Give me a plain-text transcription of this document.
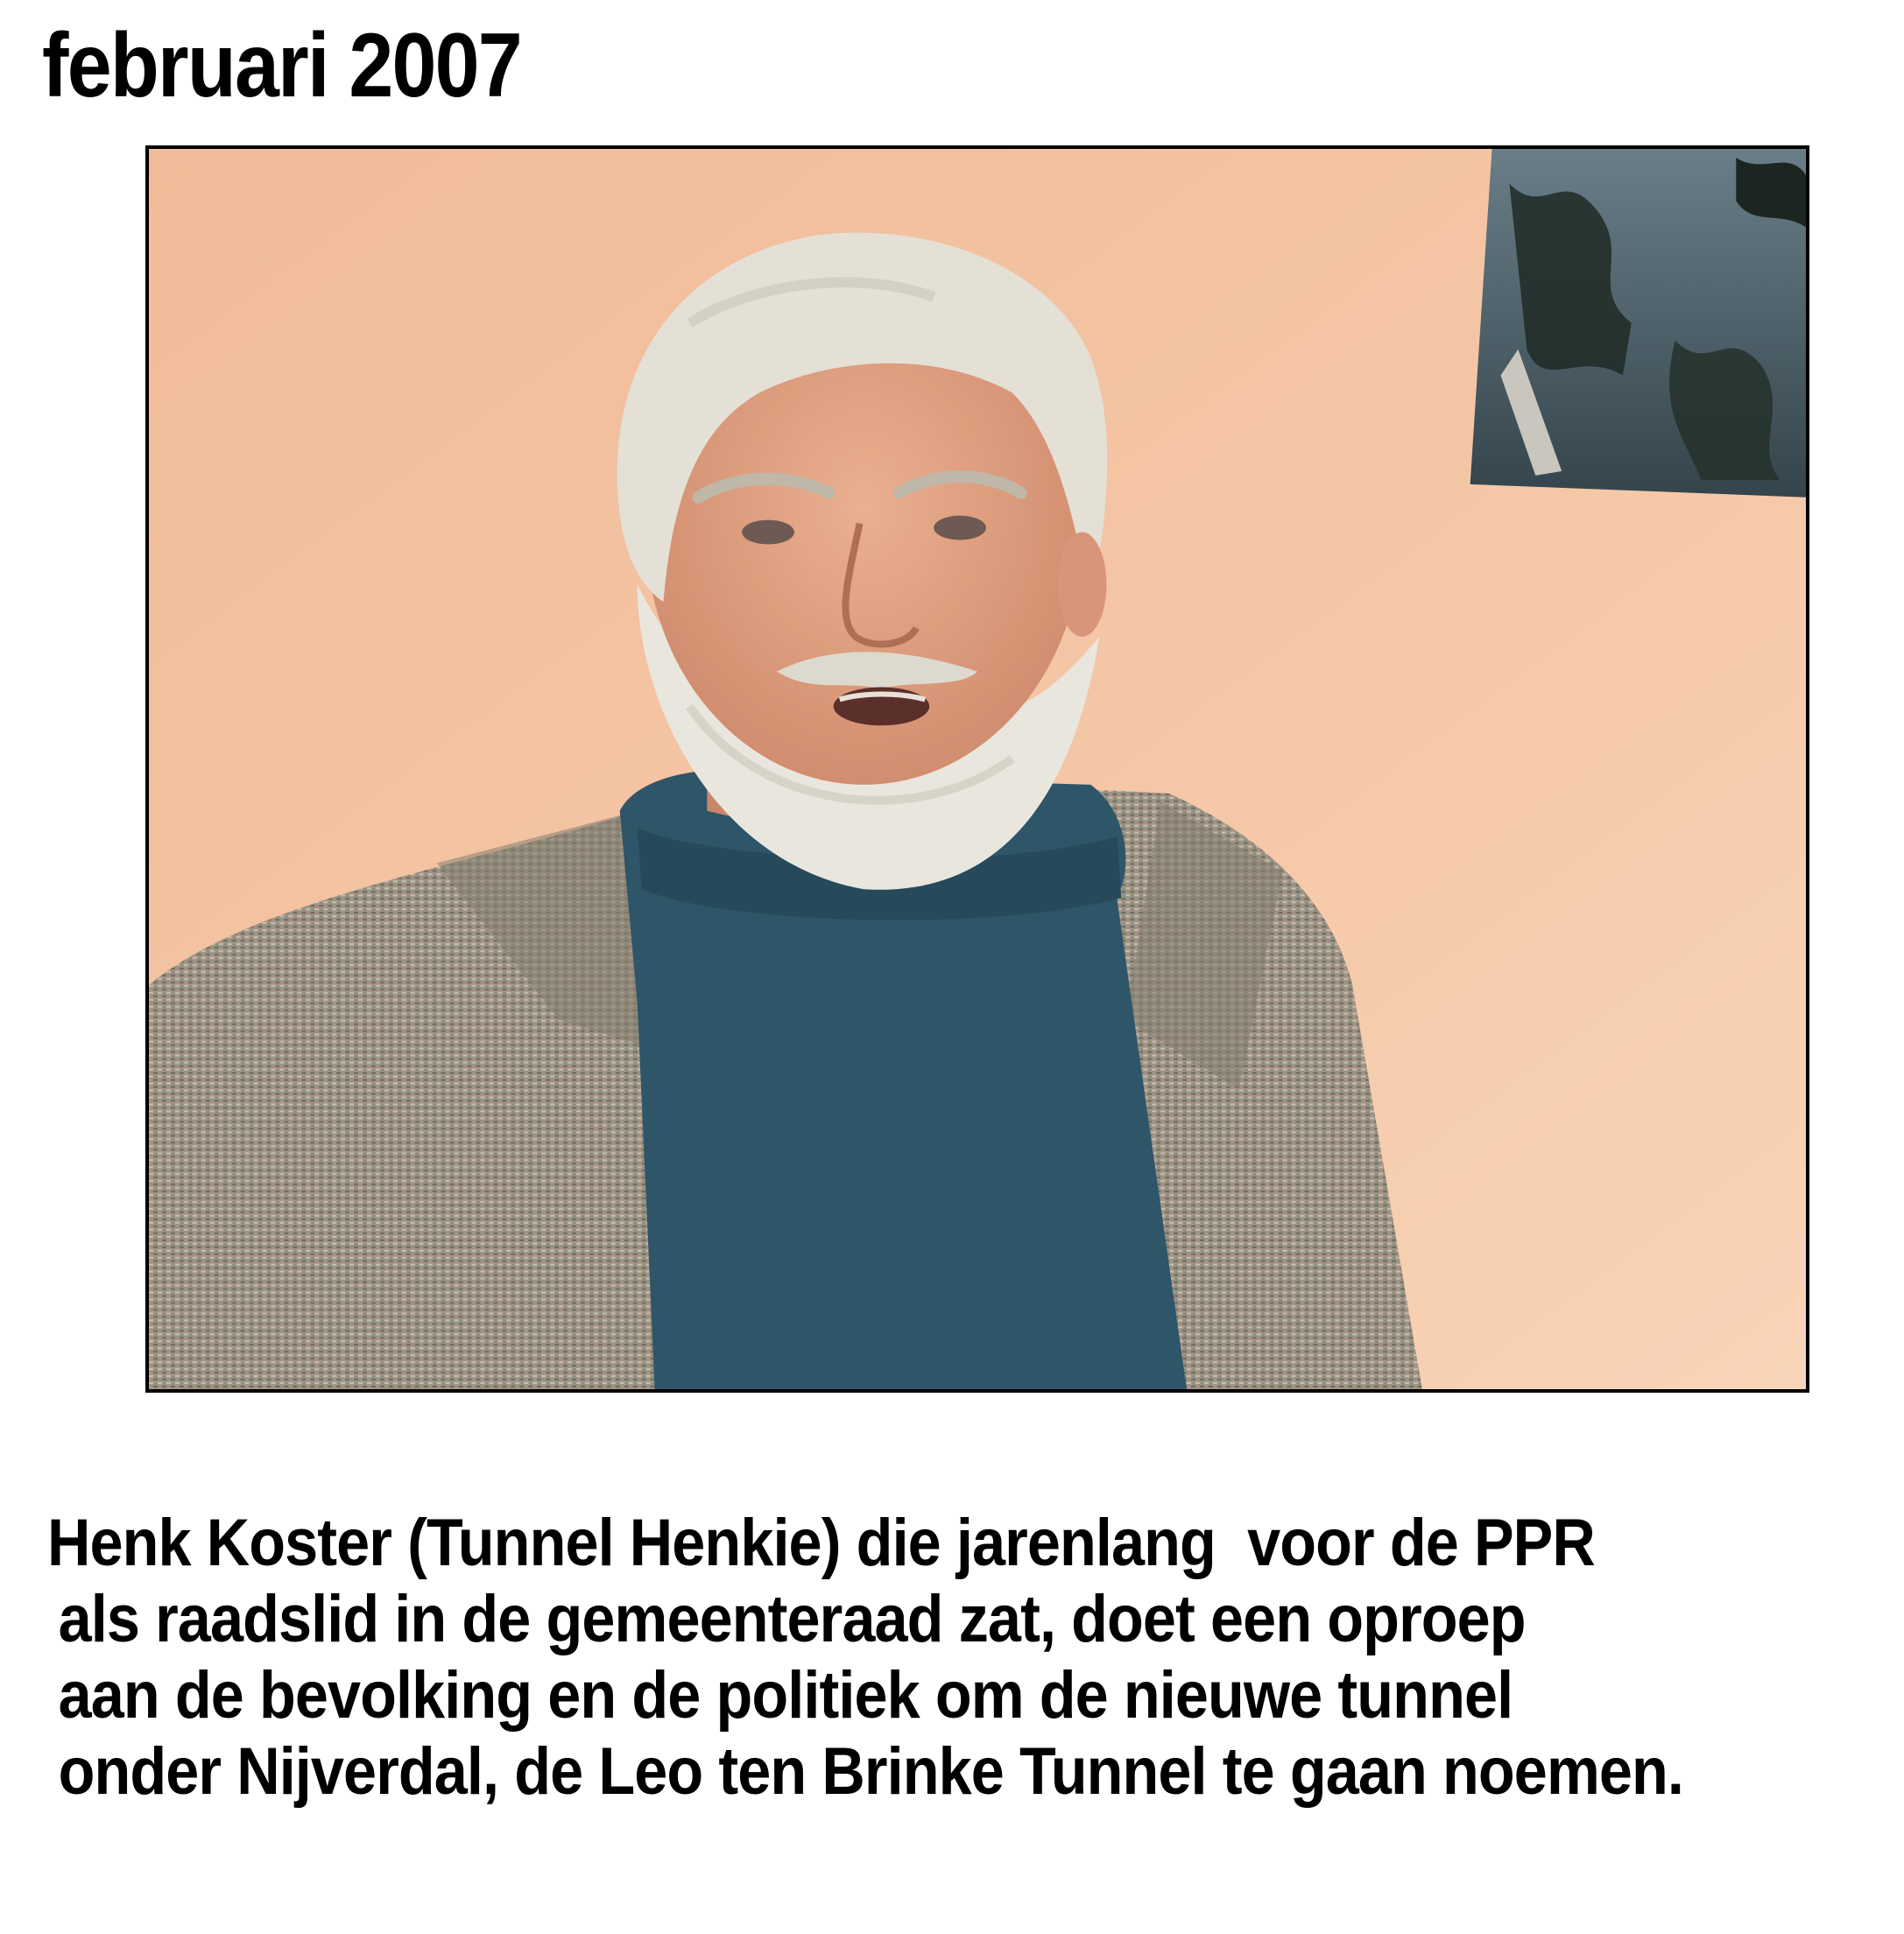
februari 2007
Henk Koster (Tunnel Henkie) die jarenlang  voor de PPR
als raadslid in de gemeenteraad zat, doet een oproep
aan de bevolking en de politiek om de nieuwe tunnel
onder Nijverdal, de Leo ten Brinke Tunnel te gaan noemen.
